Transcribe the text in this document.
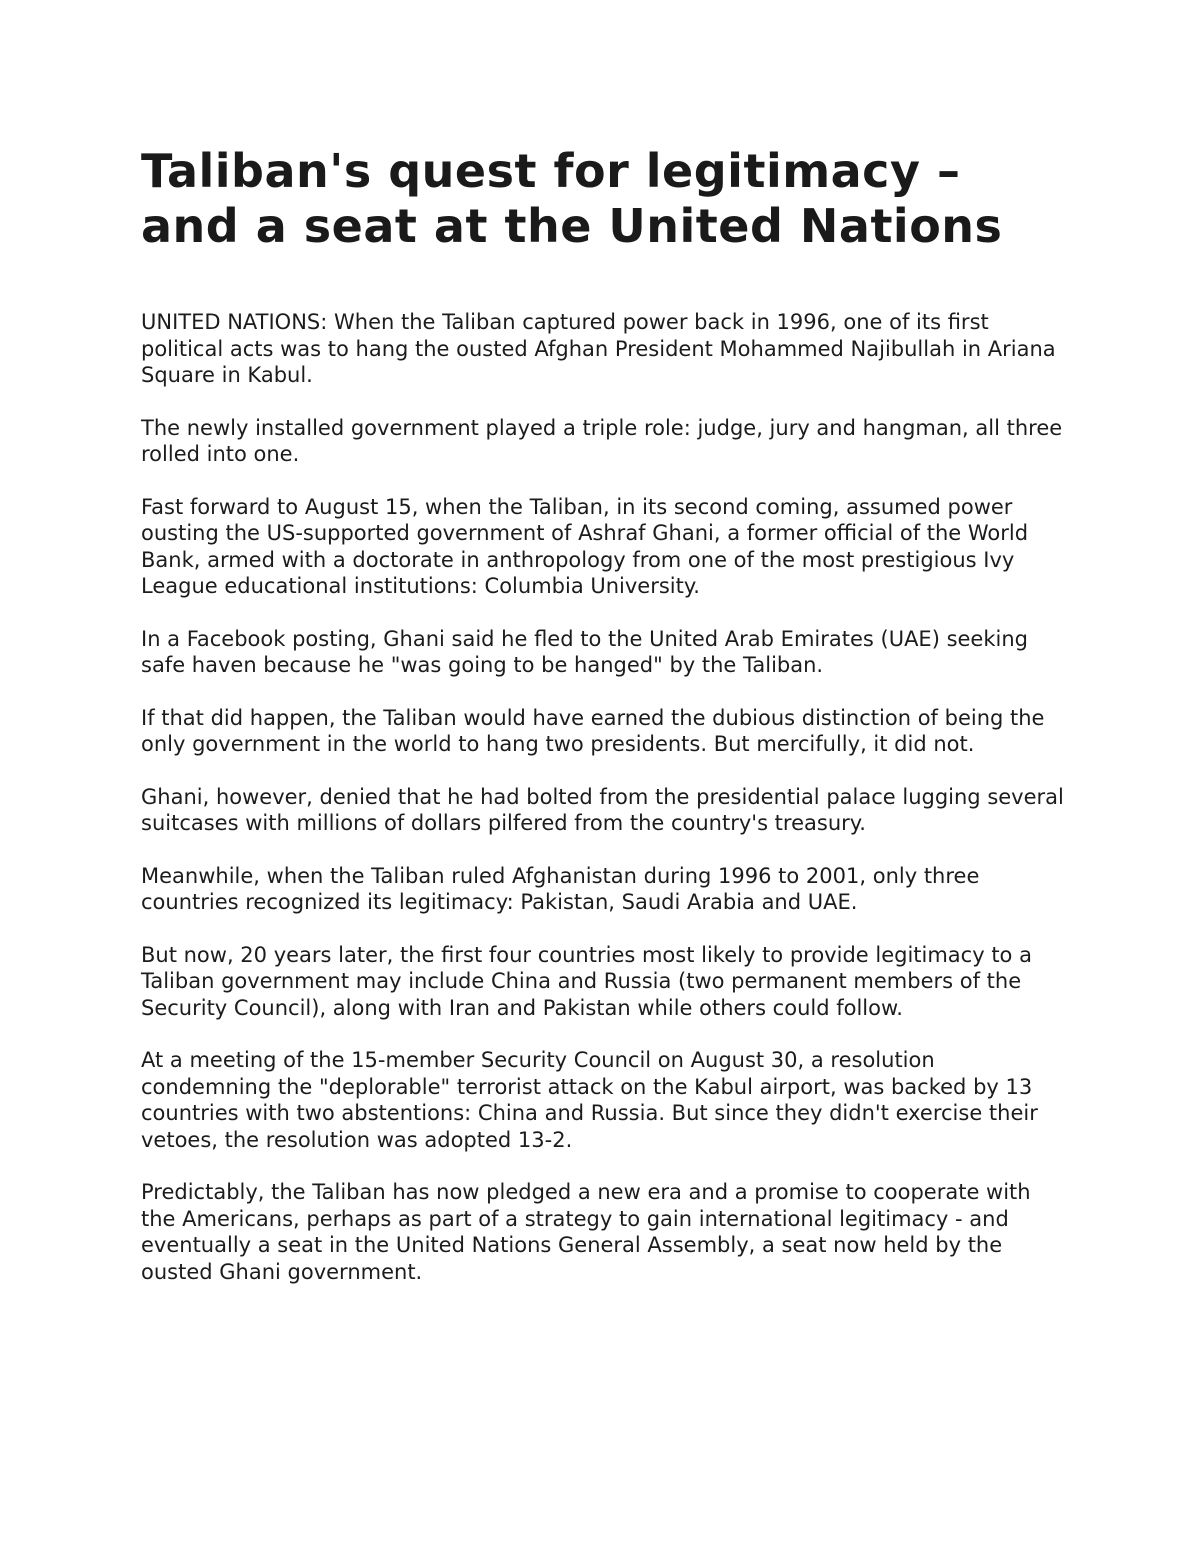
Taliban's quest for legitimacy –
and a seat at the United Nations

UNITED NATIONS: When the Taliban captured power back in 1996, one of its first political acts was to hang the ousted Afghan President Mohammed Najibullah in Ariana Square in Kabul.

The newly installed government played a triple role: judge, jury and hangman, all three rolled into one.

Fast forward to August 15, when the Taliban, in its second coming, assumed power ousting the US-supported government of Ashraf Ghani, a former official of the World Bank, armed with a doctorate in anthropology from one of the most prestigious Ivy League educational institutions: Columbia University.

In a Facebook posting, Ghani said he fled to the United Arab Emirates (UAE) seeking safe haven because he "was going to be hanged" by the Taliban.

If that did happen, the Taliban would have earned the dubious distinction of being the only government in the world to hang two presidents. But mercifully, it did not.

Ghani, however, denied that he had bolted from the presidential palace lugging several suitcases with millions of dollars pilfered from the country's treasury.

Meanwhile, when the Taliban ruled Afghanistan during 1996 to 2001, only three countries recognized its legitimacy: Pakistan, Saudi Arabia and UAE.

But now, 20 years later, the first four countries most likely to provide legitimacy to a Taliban government may include China and Russia (two permanent members of the Security Council), along with Iran and Pakistan while others could follow.

At a meeting of the 15-member Security Council on August 30, a resolution condemning the "deplorable" terrorist attack on the Kabul airport, was backed by 13 countries with two abstentions: China and Russia. But since they didn't exercise their vetoes, the resolution was adopted 13-2.

Predictably, the Taliban has now pledged a new era and a promise to cooperate with the Americans, perhaps as part of a strategy to gain international legitimacy - and eventually a seat in the United Nations General Assembly, a seat now held by the ousted Ghani government.
